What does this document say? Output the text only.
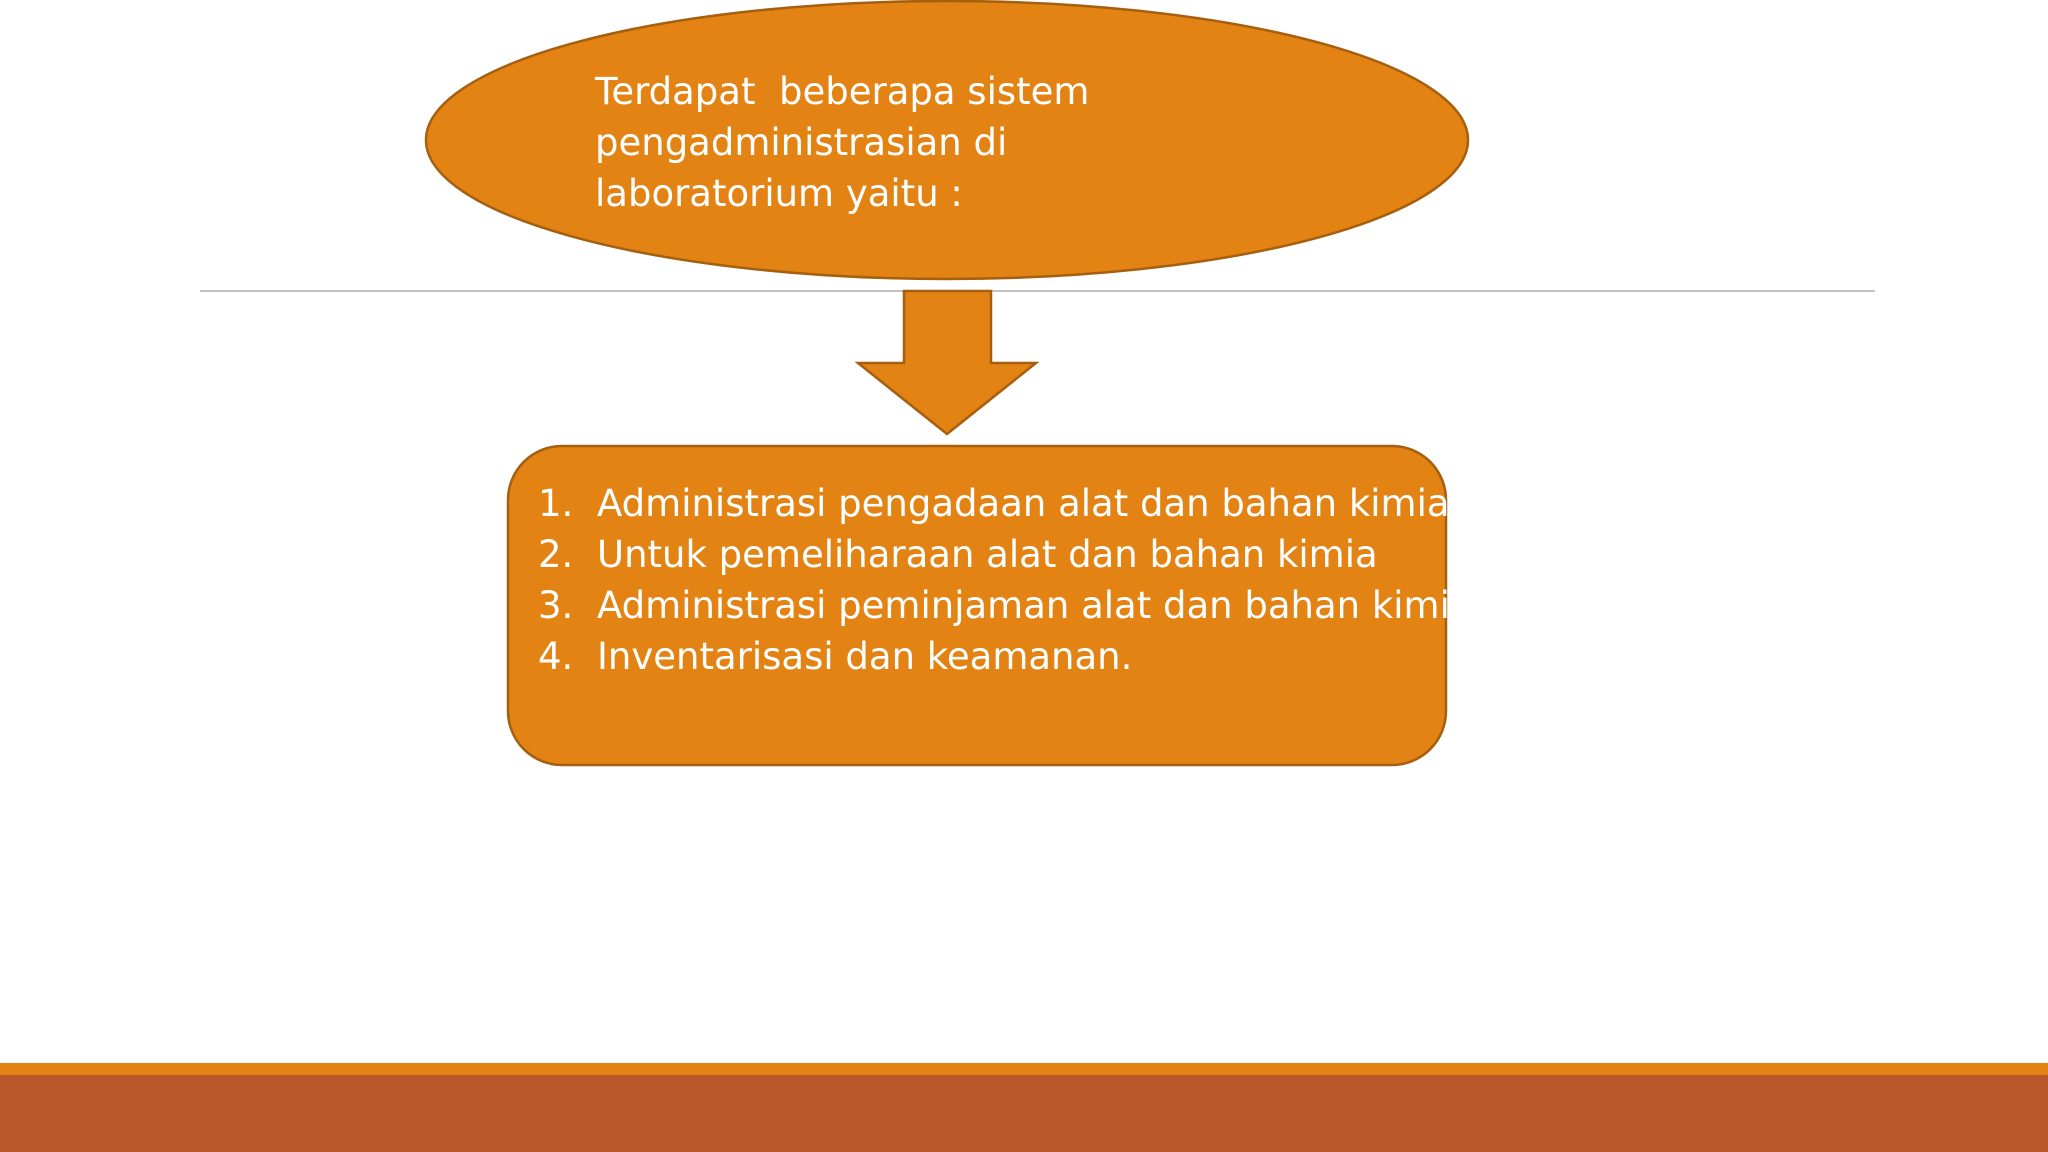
Terdapat  beberapa sistem pengadministrasian di laboratorium yaitu :
1. Administrasi pengadaan alat dan bahan kimia.
2. Untuk pemeliharaan alat dan bahan kimia
3. Administrasi peminjaman alat dan bahan kimia
4. Inventarisasi dan keamanan.
